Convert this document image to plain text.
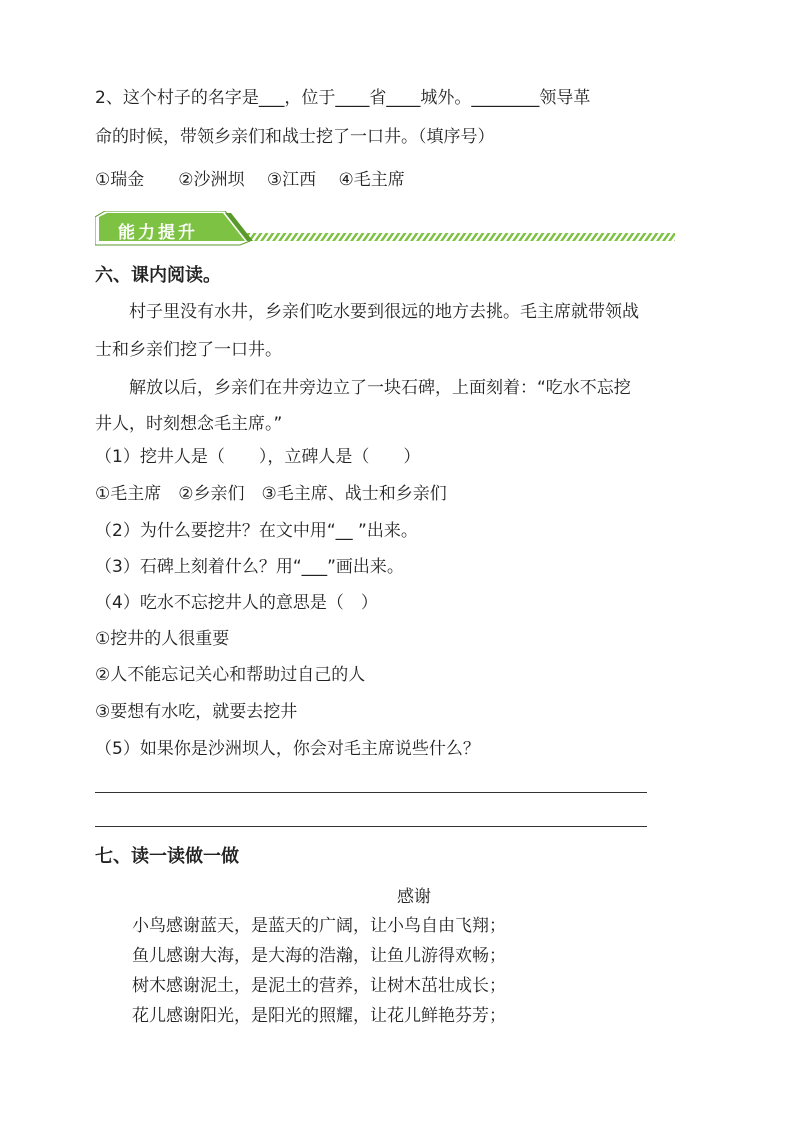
2、这个村子的名字是___，位于____省____城外。________领导革
命的时候，带领乡亲们和战士挖了一口井。（填序号）
①瑞金　　②沙洲坝　 ③江西　 ④毛主席
能力提升
六、课内阅读。
村子里没有水井，乡亲们吃水要到很远的地方去挑。毛主席就带领战
士和乡亲们挖了一口井。
解放以后，乡亲们在井旁边立了一块石碑，上面刻着：“吃水不忘挖
井人，时刻想念毛主席。”
（1）挖井人是（　　），立碑人是（　　）
①毛主席　②乡亲们　③毛主席、战士和乡亲们
（2）为什么要挖井？在文中用“__ ”出来。
（3）石碑上刻着什么？用“___”画出来。
（4）吃水不忘挖井人的意思是（　）
①挖井的人很重要
②人不能忘记关心和帮助过自己的人
③要想有水吃，就要去挖井
（5）如果你是沙洲坝人，你会对毛主席说些什么？
七、读一读做一做
感谢
小鸟感谢蓝天，是蓝天的广阔，让小鸟自由飞翔；
鱼儿感谢大海，是大海的浩瀚，让鱼儿游得欢畅；
树木感谢泥土，是泥土的营养，让树木茁壮成长；
花儿感谢阳光，是阳光的照耀，让花儿鲜艳芬芳；
